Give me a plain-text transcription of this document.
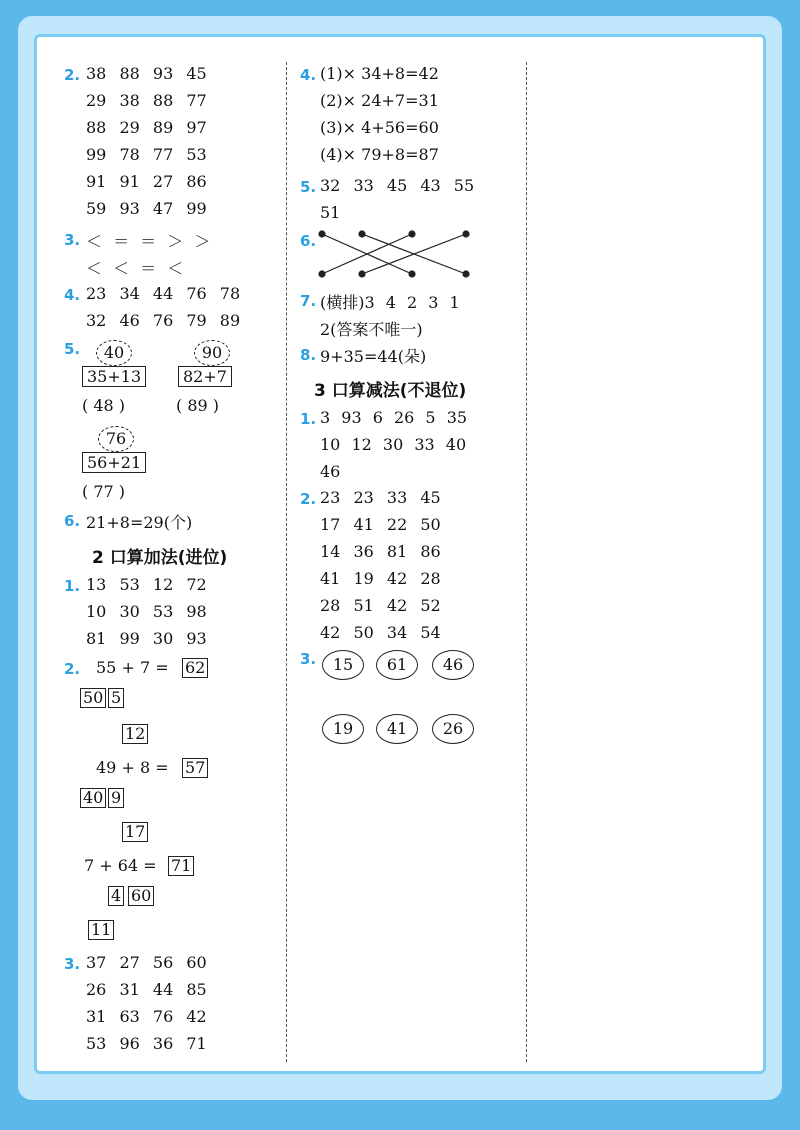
2. 38 88 93 45
29 38 88 77
88 29 89 97
99 78 77 53
91 91 27 86
59 93 47 99
3. ＜ ＝ ＝ ＞ ＞
＜ ＜ ＝ ＜
4. 23 34 44 76 78
32 46 76 79 89
5.	40
35+13
( 48 )
90
82+7
( 89 )
76
56+21
( 77 )
6. 21+8=29(个)
2 口算加法(进位)
1. 13 53 12 72
10 30 53 98
81 99 30 93
2. 55 + 7 = 62
50 5
12
49 + 8 = 57
40 9
17
7 + 64 = 71
4 60
11
3. 37 27 56 60
26 31 44 85
31 63 76 42
53 96 36 71
4. (1)× 34+8=42
(2)× 24+7=31
(3)× 4+56=60
(4)× 79+8=87
5. 32 33 45 43 55
51
6.
7. (横排)3 4 2 3 1
2(答案不唯一)
8. 9+35=44(朵)
3 口算减法(不退位)
1. 3 93 6 26 5 35
10 12 30 33 40
46
2. 23 23 33 45
17 41 22 50
14 36 81 86
41 19 42 28
28 51 42 52
42 50 34 54
3.	15	61	46
19	41	26
